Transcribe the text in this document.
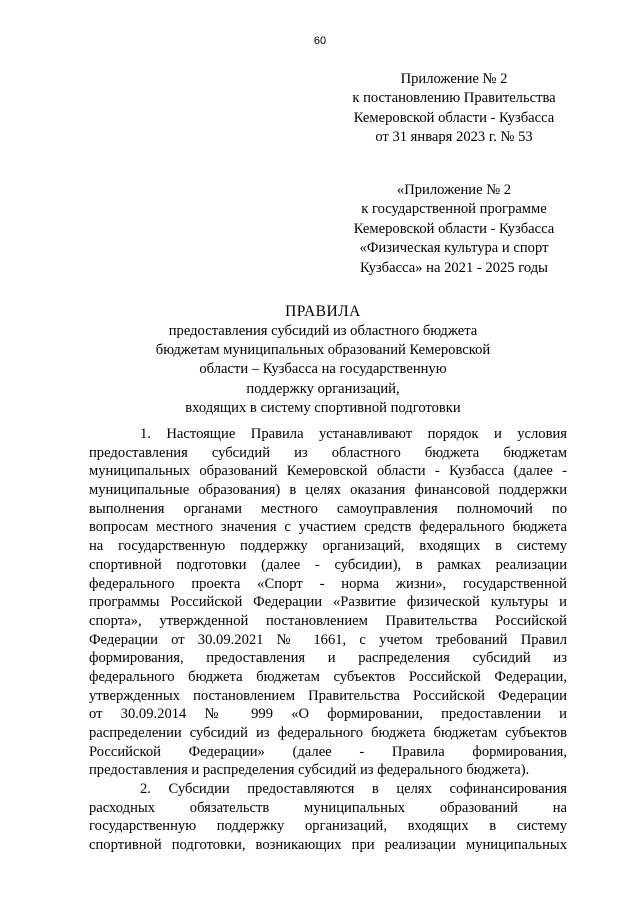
60
Приложение № 2
к постановлению Правительства
Кемеровской области - Кузбасса
от 31 января 2023 г. № 53
«Приложение № 2
к государственной программе
Кемеровской области - Кузбасса
«Физическая культура и спорт
Кузбасса» на 2021 - 2025 годы
ПРАВИЛА
предоставления субсидий из областного бюджета
бюджетам муниципальных образований Кемеровской
области – Кузбасса на государственную
поддержку организаций,
входящих в систему спортивной подготовки
1. Настоящие Правила устанавливают порядок и условия
предоставления субсидий из областного бюджета бюджетам
муниципальных образований Кемеровской области - Кузбасса (далее -
муниципальные образования) в целях оказания финансовой поддержки
выполнения органами местного самоуправления полномочий по
вопросам местного значения с участием средств федерального бюджета
на государственную поддержку организаций, входящих в систему
спортивной подготовки (далее - субсидии), в рамках реализации
федерального проекта «Спорт - норма жизни», государственной
программы Российской Федерации «Развитие физической культуры и
спорта», утвержденной постановлением Правительства Российской
Федерации от 30.09.2021 № 1661, с учетом требований Правил
формирования, предоставления и распределения субсидий из
федерального бюджета бюджетам субъектов Российской Федерации,
утвержденных постановлением Правительства Российской Федерации
от 30.09.2014 № 999 «О формировании, предоставлении и
распределении субсидий из федерального бюджета бюджетам субъектов
Российской Федерации» (далее - Правила формирования,
предоставления и распределения субсидий из федерального бюджета).
2. Субсидии предоставляются в целях софинансирования
расходных обязательств муниципальных образований на
государственную поддержку организаций, входящих в систему
спортивной подготовки, возникающих при реализации муниципальных
